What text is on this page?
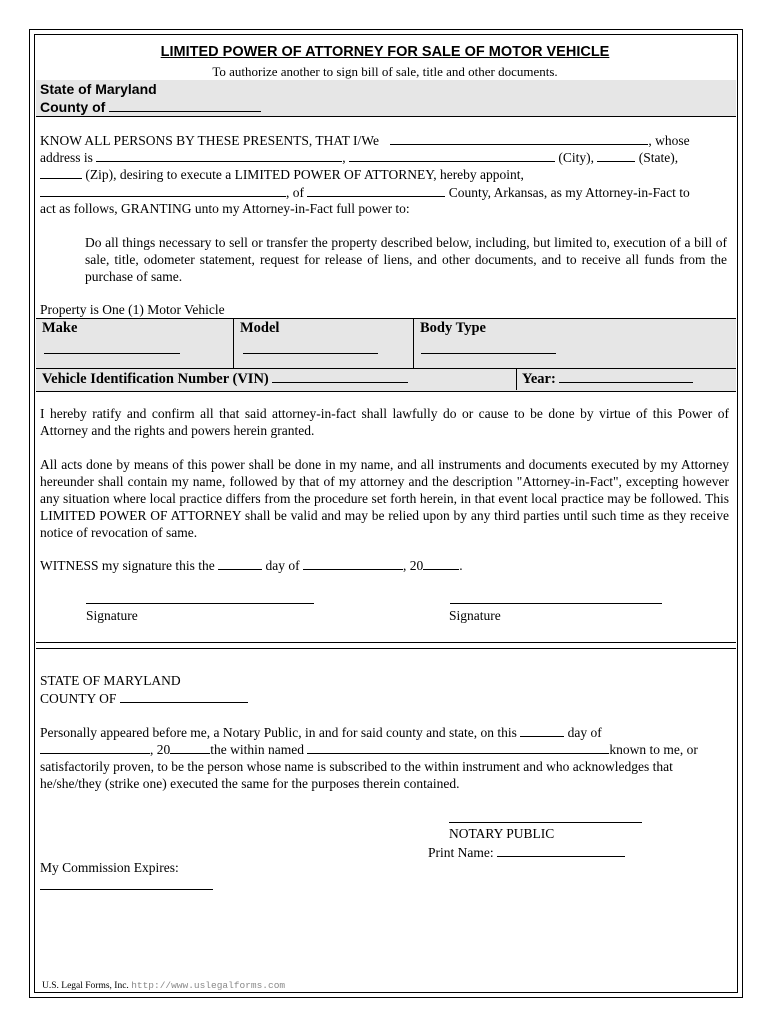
LIMITED POWER OF ATTORNEY FOR SALE OF MOTOR VEHICLE
To authorize another to sign bill of sale, title and other documents.
State of Maryland
County of
KNOW ALL PERSONS BY THESE PRESENTS, THAT I/We	, whose
address is	,	(City),	(State),
(Zip), desiring to execute a LIMITED POWER OF ATTORNEY, hereby appoint,
, of	County, Arkansas, as my Attorney-in-Fact to
act as follows, GRANTING unto my Attorney-in-Fact full power to:
Do all things necessary to sell or transfer the property described below, including, but limited to, execution of a bill of sale, title, odometer statement, request for release of liens, and other documents, and to receive all funds from the purchase of same.
Property is One (1) Motor Vehicle
Make	Model	Body Type
Vehicle Identification Number (VIN)	Year:
I hereby ratify and confirm all that said attorney-in-fact shall lawfully do or cause to be done by virtue of this Power of Attorney and the rights and powers herein granted.
All acts done by means of this power shall be done in my name, and all instruments and documents executed by my Attorney hereunder shall contain my name, followed by that of my attorney and the description "Attorney-in-Fact", excepting however any situation where local practice differs from the procedure set forth herein, in that event local practice may be followed. This LIMITED POWER OF ATTORNEY shall be valid and may be relied upon by any third parties until such time as they receive notice of revocation of same.
WITNESS my signature this the	day of	, 20	.
Signature	Signature
STATE OF MARYLAND
COUNTY OF
Personally appeared before me, a Notary Public, in and for said county and state, on this	day of
, 20	the within named	known to me, or
satisfactorily proven, to be the person whose name is subscribed to the within instrument and who acknowledges that
he/she/they (strike one) executed the same for the purposes therein contained.
NOTARY PUBLIC
Print Name:
My Commission Expires:
U.S. Legal Forms, Inc. http://www.uslegalforms.com
